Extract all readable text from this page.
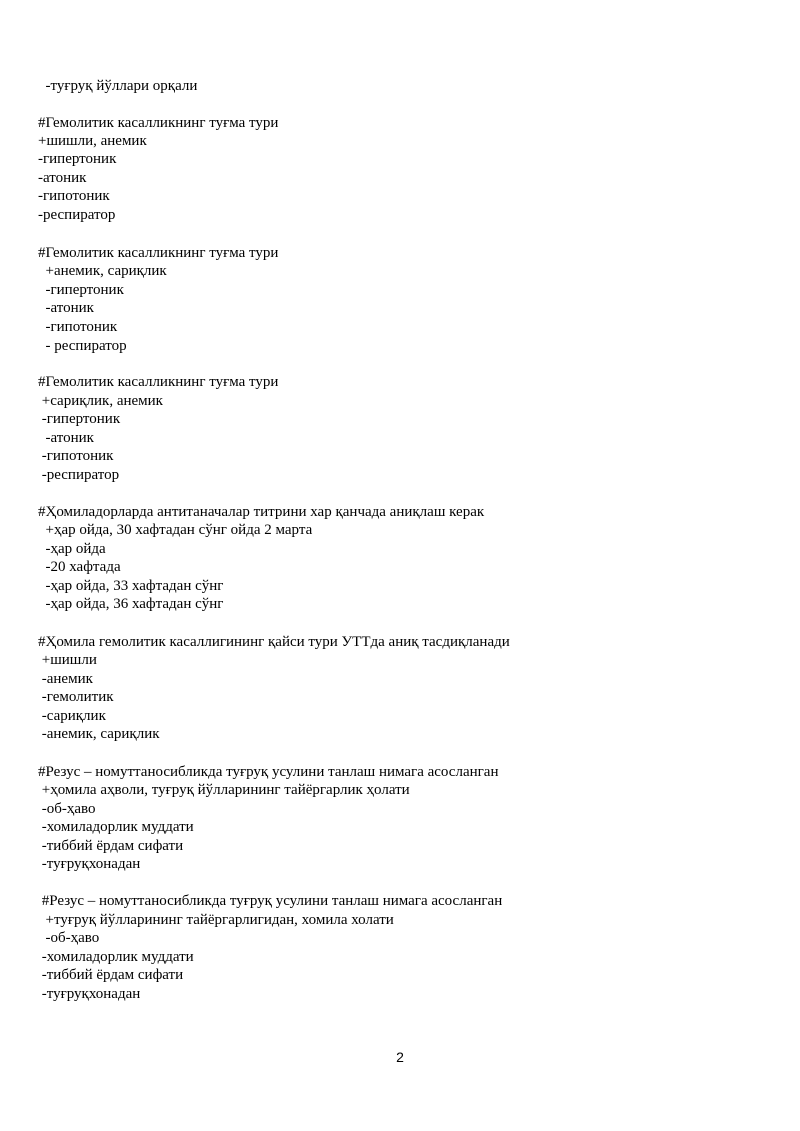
-туғруқ йўллари орқали
#Гемолитик касалликнинг туғма тури
+шишли, анемик
-гипертоник
-атоник
-гипотоник
-респиратор
#Гемолитик касалликнинг туғма тури
+анемик, сариқлик
-гипертоник
-атоник
-гипотоник
- респиратор
#Гемолитик касалликнинг туғма тури
+сариқлик, анемик
-гипертоник
-атоник
-гипотоник
-респиратор
#Ҳомиладорларда антитаначалар титрини хар қанчада аниқлаш керак
+ҳар ойда, 30 хафтадан сўнг ойда 2 марта
-ҳар ойда
-20 хафтада
-ҳар ойда, 33 хафтадан сўнг
-ҳар ойда, 36 хафтадан сўнг
#Ҳомила гемолитик касаллигининг қайси тури УТТда аниқ тасдиқланади
+шишли
-анемик
-гемолитик
-сариқлик
-анемик, сариқлик
#Резус – номуттаносибликда туғруқ усулини танлаш нимага асосланган
+ҳомила аҳволи, туғруқ йўлларининг тайёргарлик ҳолати
-об-ҳаво
-хомиладорлик муддати
-тиббий ёрдам сифати
-туғруқхонадан
#Резус – номуттаносибликда туғруқ усулини танлаш нимага асосланган
+туғруқ йўлларининг тайёргарлигидан, хомила холати
-об-ҳаво
-хомиладорлик муддати
-тиббий ёрдам сифати
-туғруқхонадан
2
